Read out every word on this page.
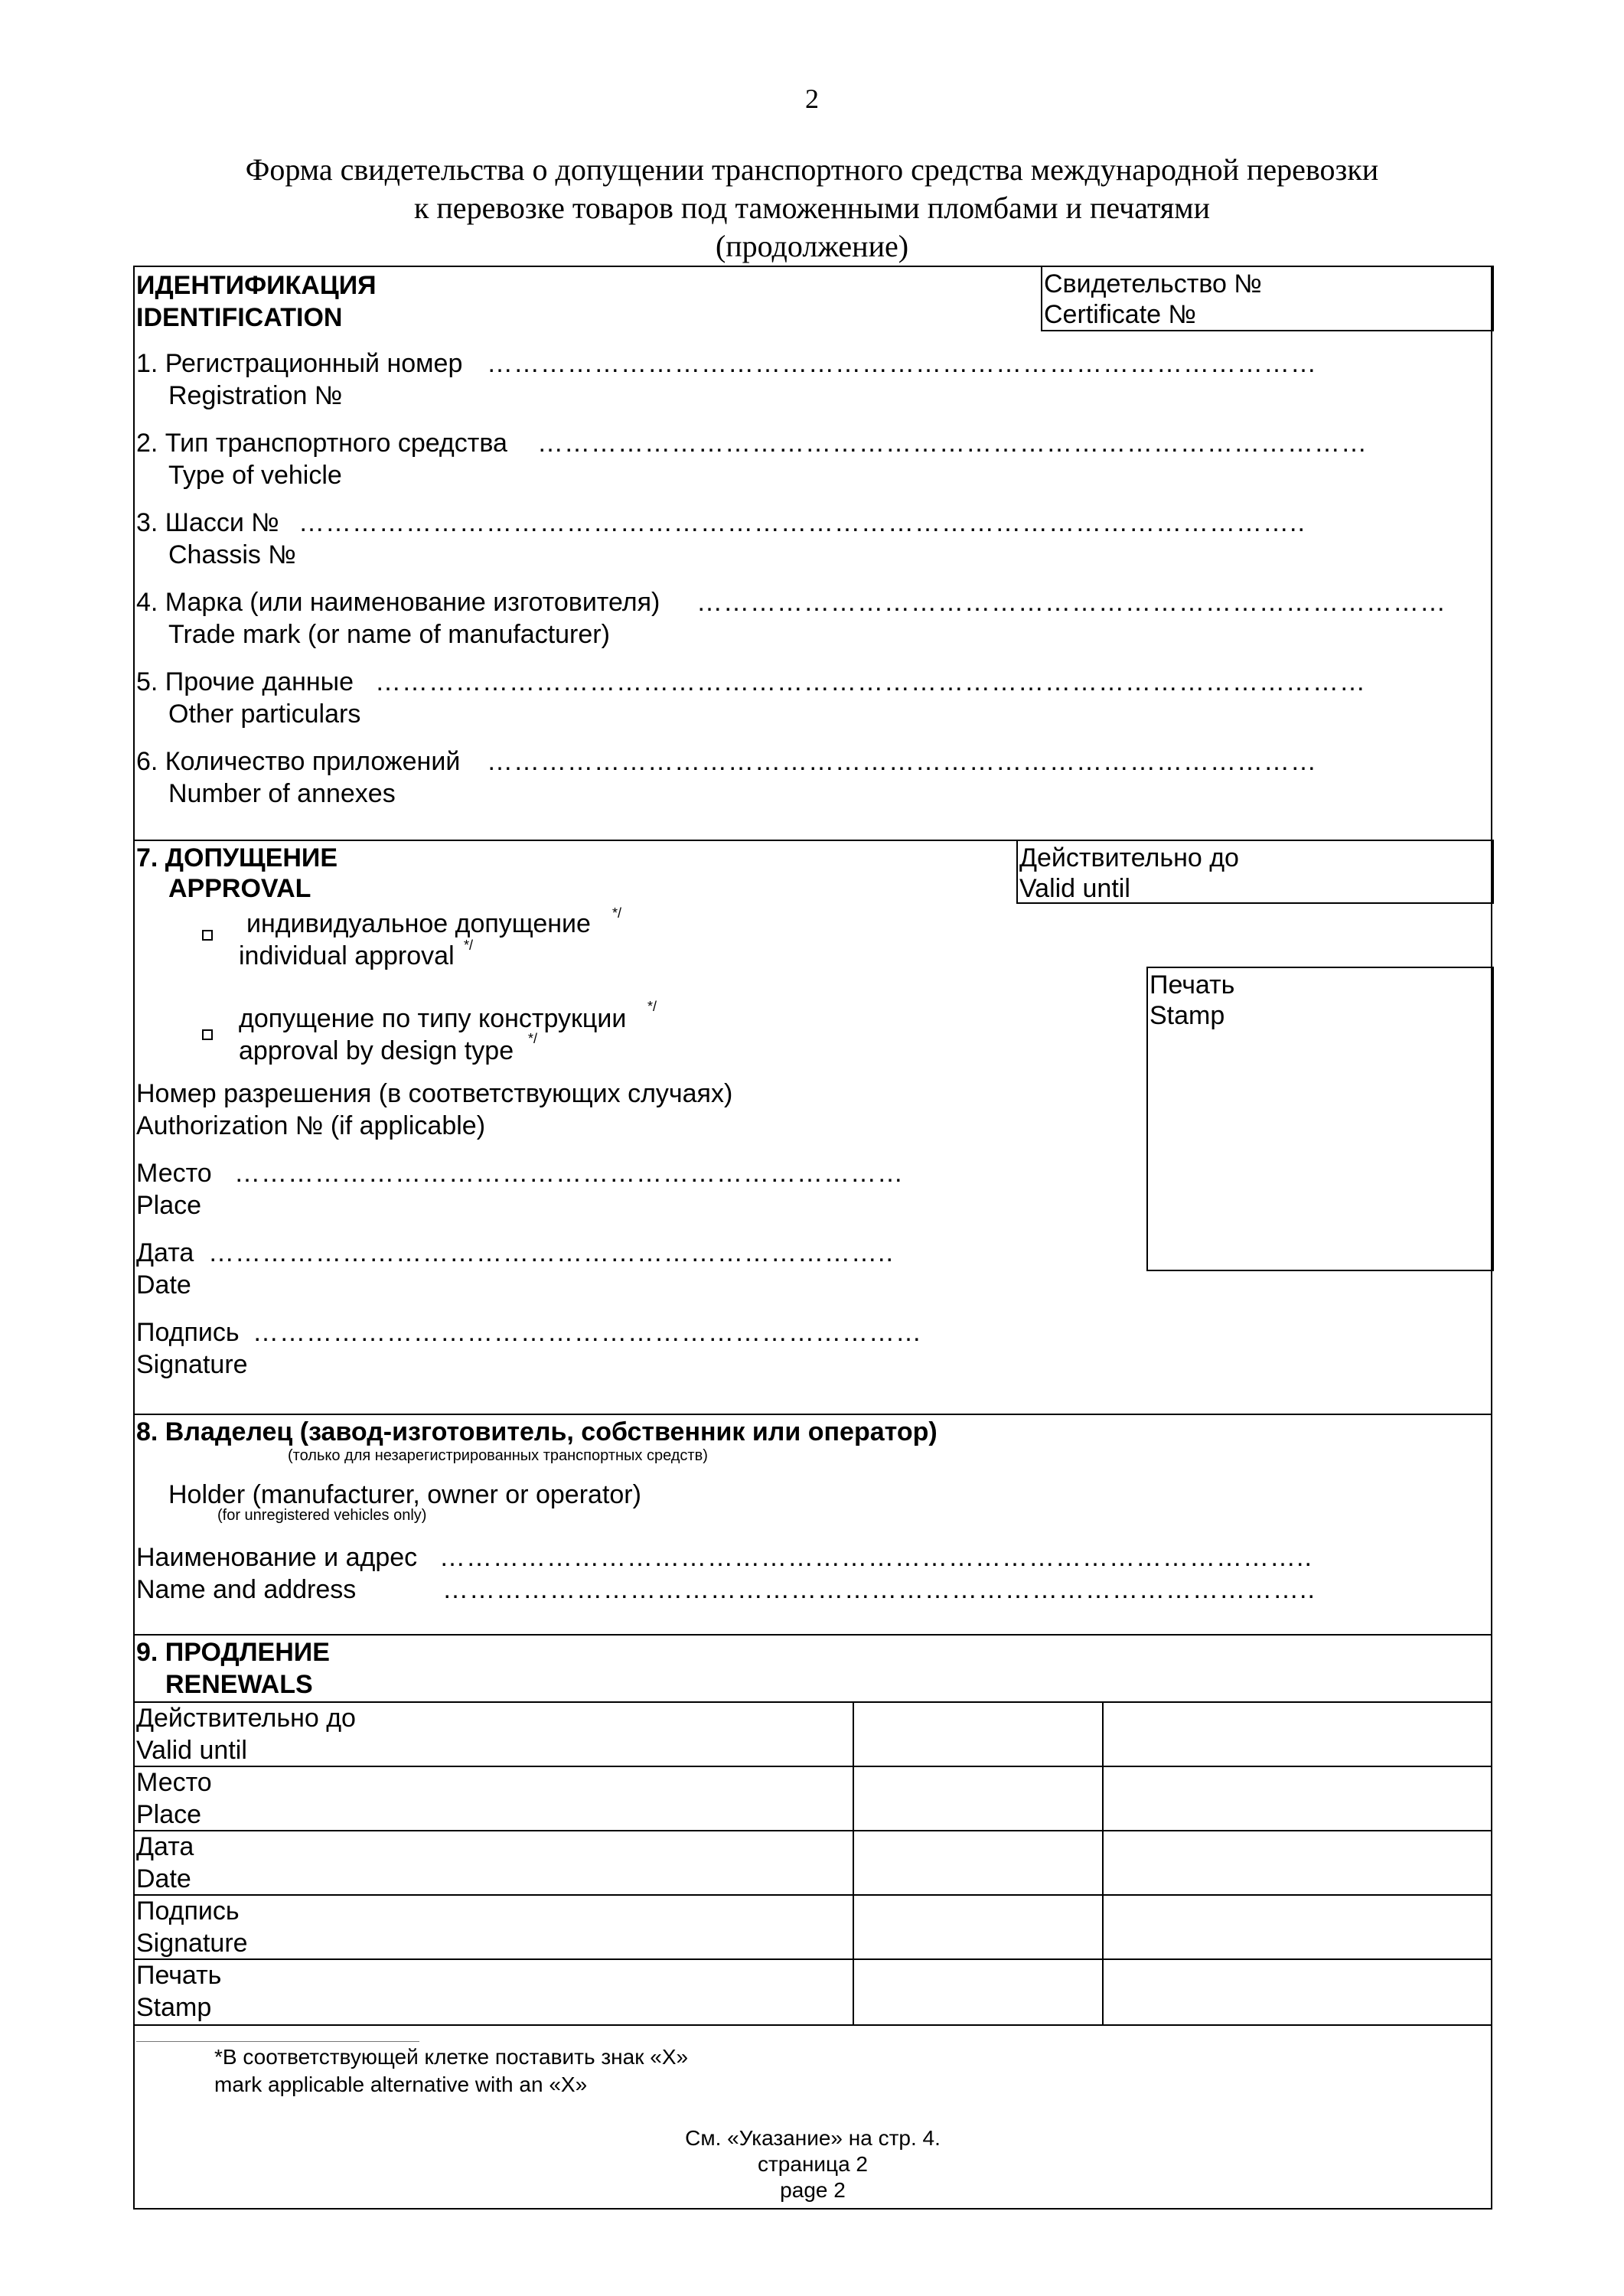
2
Форма свидетельства о допущении транспортного средства международной перевозки
к перевозке товаров под таможенными пломбами и печатями
(продолжение)
ИДЕНТИФИКАЦИЯ
IDENTIFICATION
Свидетельство №
Certificate №
1. Регистрационный номер …………………………………………………………………………………
Registration №
2. Тип транспортного средства …………………………………………………………………………………
Type of vehicle
3. Шасси № …………………………………………………………………………………………………..
Chassis №
4. Марка (или наименование изготовителя) …………………………………………………………………………
Trade mark (or name of manufacturer)
5. Прочие данные …………………………………………………………………………………………………
Other particulars
6. Количество приложений …………………………………………………………………………………
Number of annexes
7. ДОПУЩЕНИЕ
APPROVAL
Действительно до
Valid until
Печать
Stamp
индивидуальное допущение */
individual approval */
допущение по типу конструкции */
approval by design type */
Номер разрешения (в соответствующих случаях)
Authorization № (if applicable)
Место …………………………………………………………………
Place
Дата …………………………………………………………………..
Date
Подпись …………………………………………………………………
Signature
8. Владелец (завод-изготовитель, собственник или оператор)
(только для незарегистрированных транспортных средств)
Holder (manufacturer, owner or operator)
(for unregistered vehicles only)
Наименование и адрес ……………………………………………………………………………………..
Name and address	……………………………………………………………………………………..
9. ПРОДЛЕНИЕ
RENEWALS
Действительно до
Valid until
Место
Place
Дата
Date
Подпись
Signature
Печать
Stamp
*В соответствующей клетке поставить знак «X»
mark applicable alternative with an «X»
См. «Указание» на стр. 4.
страница 2
page 2
